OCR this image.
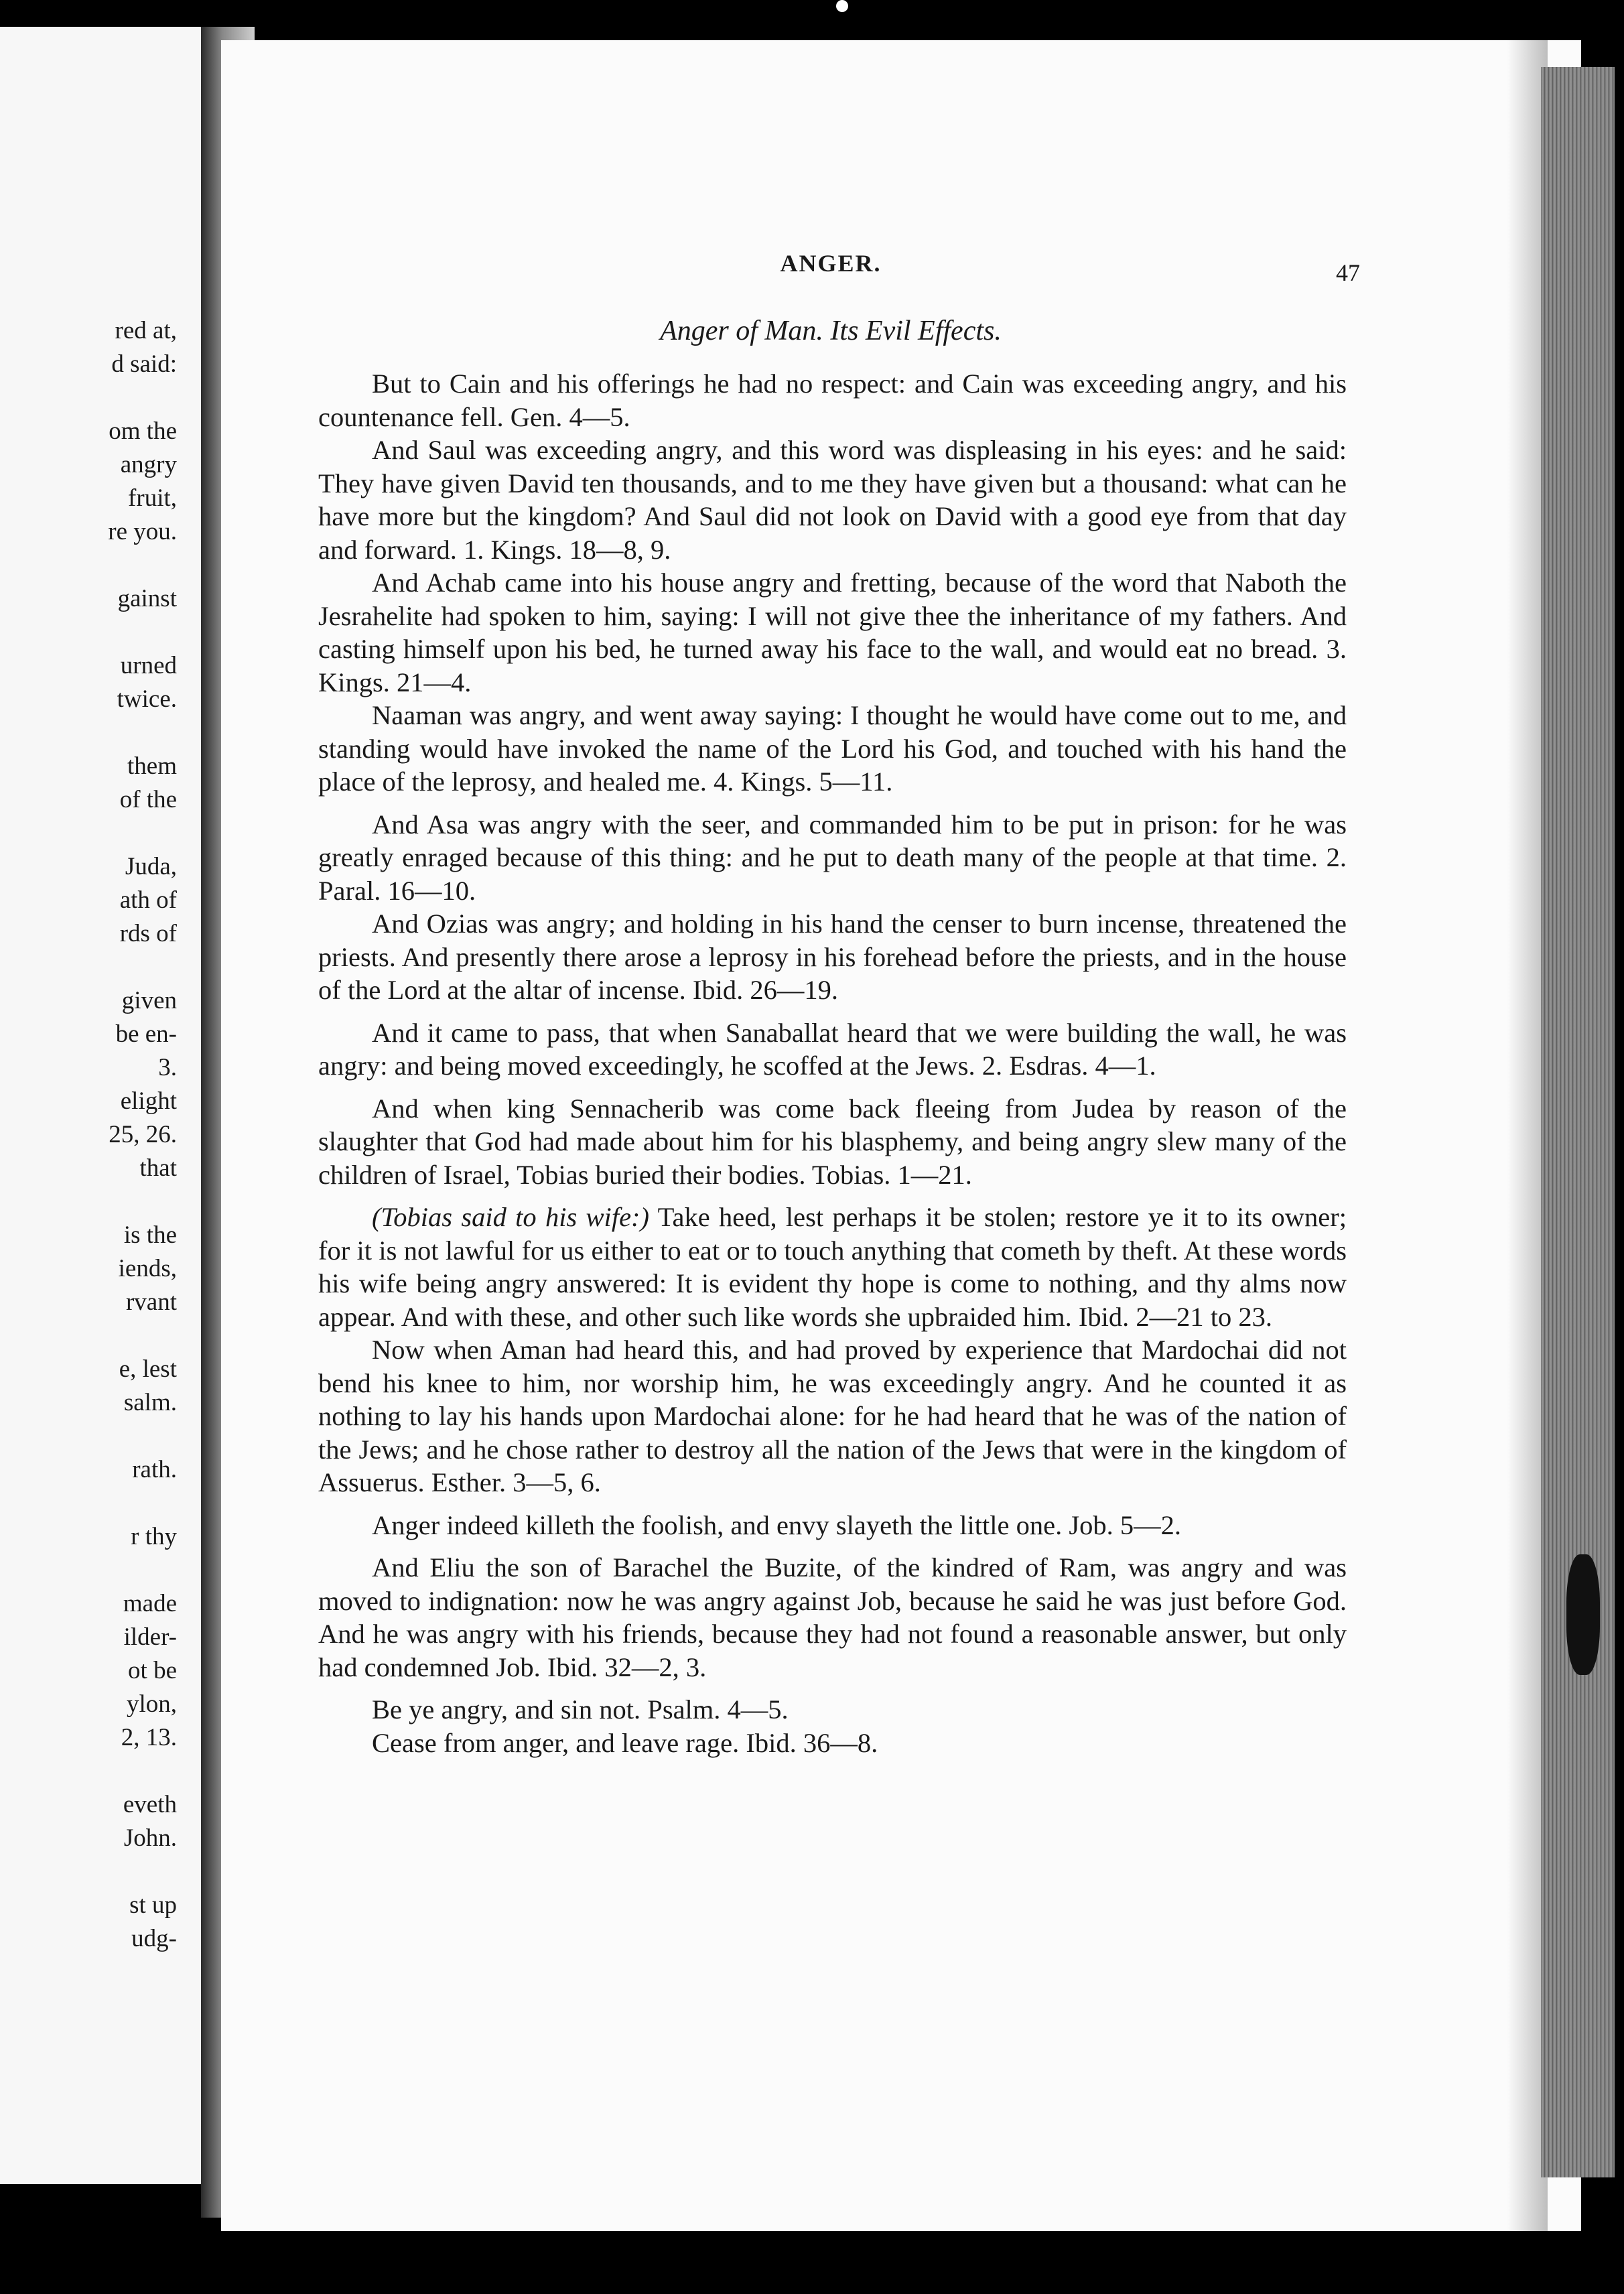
red at,
d said:
om the
angry
fruit,
re you.
gainst
urned
twice.
them
of the
Juda,
ath of
rds of
given
be en-
3.
elight
25, 26.
that
is the
iends,
rvant
e, lest
salm.
rath.
r thy
made
ilder-
ot be
ylon,
2, 13.
eveth
John.
st up
udg-
ANGER.	47
Anger of Man. Its Evil Effects.

But to Cain and his offerings he had no respect: and Cain was exceeding angry, and his countenance fell. Gen. 4—5.

And Saul was exceeding angry, and this word was displeasing in his eyes: and he said: They have given David ten thousands, and to me they have given but a thousand: what can he have more but the kingdom? And Saul did not look on David with a good eye from that day and forward. 1. Kings. 18—8, 9.

And Achab came into his house angry and fretting, because of the word that Naboth the Jesrahelite had spoken to him, saying: I will not give thee the inheritance of my fathers. And casting himself upon his bed, he turned away his face to the wall, and would eat no bread. 3. Kings. 21—4.

Naaman was angry, and went away saying: I thought he would have come out to me, and standing would have invoked the name of the Lord his God, and touched with his hand the place of the leprosy, and healed me. 4. Kings. 5—11.

And Asa was angry with the seer, and commanded him to be put in prison: for he was greatly enraged because of this thing: and he put to death many of the people at that time. 2. Paral. 16—10.

And Ozias was angry; and holding in his hand the censer to burn incense, threatened the priests. And presently there arose a leprosy in his forehead before the priests, and in the house of the Lord at the altar of incense. Ibid. 26—19.

And it came to pass, that when Sanaballat heard that we were building the wall, he was angry: and being moved exceedingly, he scoffed at the Jews. 2. Esdras. 4—1.

And when king Sennacherib was come back fleeing from Judea by reason of the slaughter that God had made about him for his blasphemy, and being angry slew many of the children of Israel, Tobias buried their bodies. Tobias. 1—21.

(Tobias said to his wife:) Take heed, lest perhaps it be stolen; restore ye it to its owner; for it is not lawful for us either to eat or to touch anything that cometh by theft. At these words his wife being angry answered: It is evident thy hope is come to nothing, and thy alms now appear. And with these, and other such like words she upbraided him. Ibid. 2—21 to 23.

Now when Aman had heard this, and had proved by experience that Mardochai did not bend his knee to him, nor worship him, he was exceedingly angry. And he counted it as nothing to lay his hands upon Mardochai alone: for he had heard that he was of the nation of the Jews; and he chose rather to destroy all the nation of the Jews that were in the kingdom of Assuerus. Esther. 3—5, 6.

Anger indeed killeth the foolish, and envy slayeth the little one. Job. 5—2.

And Eliu the son of Barachel the Buzite, of the kindred of Ram, was angry and was moved to indignation: now he was angry against Job, because he said he was just before God. And he was angry with his friends, because they had not found a reasonable answer, but only had condemned Job. Ibid. 32—2, 3.

Be ye angry, and sin not. Psalm. 4—5.

Cease from anger, and leave rage. Ibid. 36—8.
